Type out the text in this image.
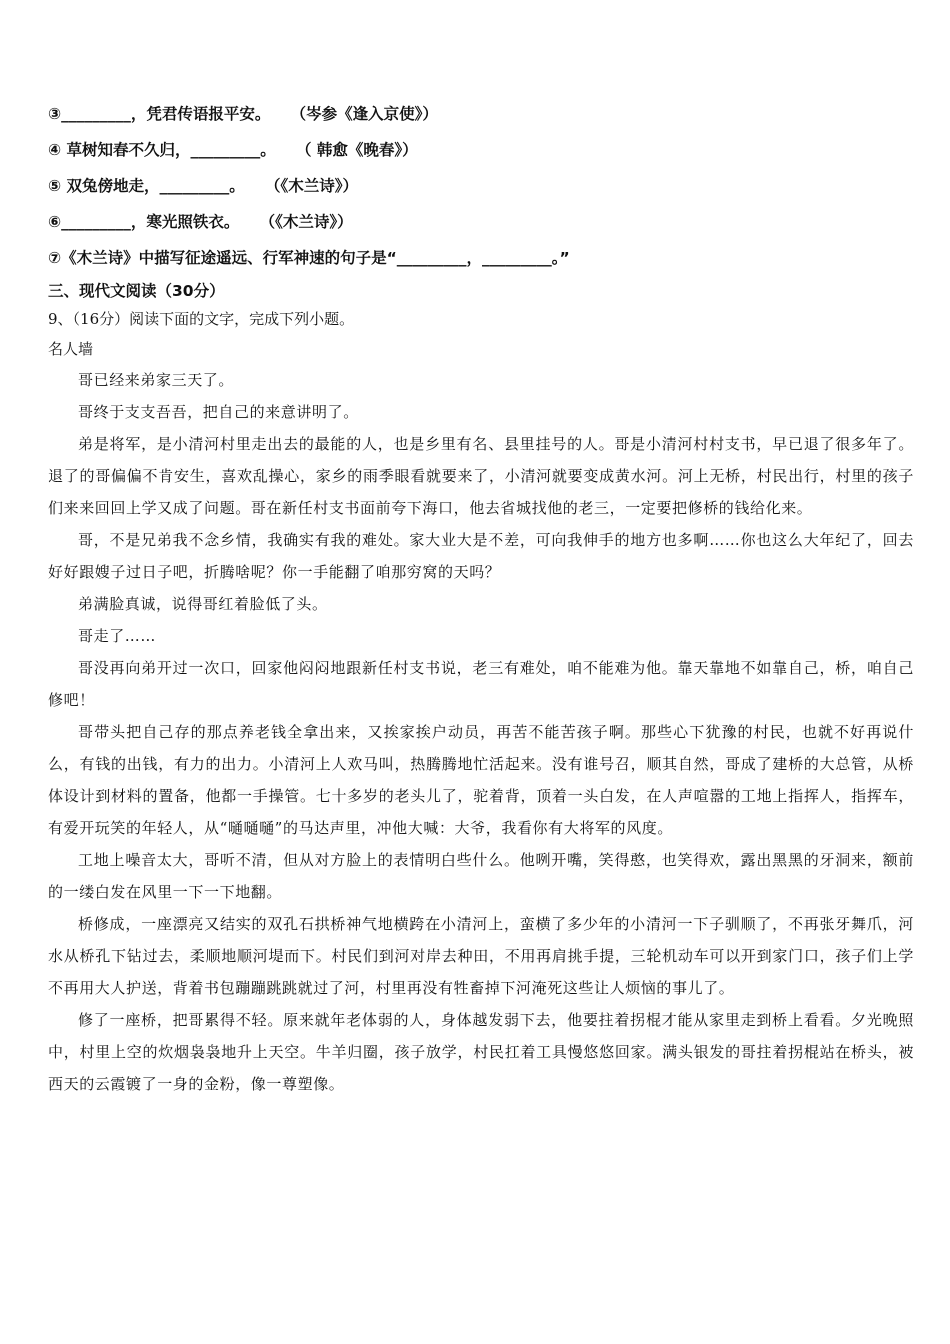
③_________，凭君传语报平安。 （岑参《逢入京使》）
④ 草树知春不久归，_________。 （ 韩愈《晚春》）
⑤ 双兔傍地走，_________。 （《木兰诗》）
⑥_________，寒光照铁衣。 （《木兰诗》）
⑦《木兰诗》中描写征途遥远、行军神速的句子是“_________，_________。”
三、现代文阅读（30分）
9、（16分）阅读下面的文字，完成下列小题。
名人墙

哥已经来弟家三天了。

哥终于支支吾吾，把自己的来意讲明了。

弟是将军，是小清河村里走出去的最能的人，也是乡里有名、县里挂号的人。哥是小清河村村支书，早已退了很多年了。退了的哥偏偏不肯安生，喜欢乱操心，家乡的雨季眼看就要来了，小清河就要变成黄水河。河上无桥，村民出行，村里的孩子们来来回回上学又成了问题。哥在新任村支书面前夸下海口，他去省城找他的老三，一定要把修桥的钱给化来。

哥，不是兄弟我不念乡情，我确实有我的难处。家大业大是不差，可向我伸手的地方也多啊……你也这么大年纪了，回去好好跟嫂子过日子吧，折腾啥呢？你一手能翻了咱那穷窝的天吗？

弟满脸真诚，说得哥红着脸低了头。

哥走了……

哥没再向弟开过一次口，回家他闷闷地跟新任村支书说，老三有难处，咱不能难为他。靠天靠地不如靠自己，桥，咱自己修吧！

哥带头把自己存的那点养老钱全拿出来，又挨家挨户动员，再苦不能苦孩子啊。那些心下犹豫的村民，也就不好再说什么，有钱的出钱，有力的出力。小清河上人欢马叫，热腾腾地忙活起来。没有谁号召，顺其自然，哥成了建桥的大总管，从桥体设计到材料的置备，他都一手操管。七十多岁的老头儿了，驼着背，顶着一头白发，在人声喧嚣的工地上指挥人，指挥车，有爱开玩笑的年轻人，从“嗵嗵嗵”的马达声里，冲他大喊：大爷，我看你有大将军的风度。

工地上噪音太大，哥听不清，但从对方脸上的表情明白些什么。他咧开嘴，笑得憨，也笑得欢，露出黑黑的牙洞来，额前的一缕白发在风里一下一下地翻。

桥修成，一座漂亮又结实的双孔石拱桥神气地横跨在小清河上，蛮横了多少年的小清河一下子驯顺了，不再张牙舞爪，河水从桥孔下钻过去，柔顺地顺河堤而下。村民们到河对岸去种田，不用再肩挑手提，三轮机动车可以开到家门口，孩子们上学不再用大人护送，背着书包蹦蹦跳跳就过了河，村里再没有牲畜掉下河淹死这些让人烦恼的事儿了。

修了一座桥，把哥累得不轻。原来就年老体弱的人，身体越发弱下去，他要拄着拐棍才能从家里走到桥上看看。夕光晚照中，村里上空的炊烟袅袅地升上天空。牛羊归圈，孩子放学，村民扛着工具慢悠悠回家。满头银发的哥拄着拐棍站在桥头，被西天的云霞镀了一身的金粉，像一尊塑像。
